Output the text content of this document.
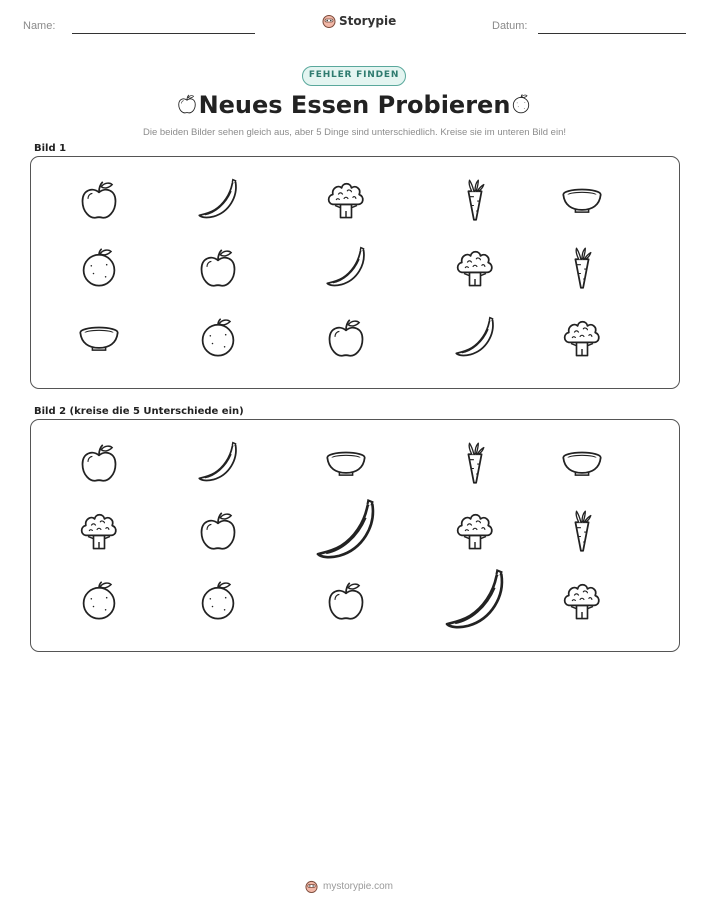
Name:	Storypie	Datum:
FEHLER FINDEN
Neues Essen Probieren
Die beiden Bilder sehen gleich aus, aber 5 Dinge sind unterschiedlich. Kreise sie im unteren Bild ein!
Bild 1
Bild 2 (kreise die 5 Unterschiede ein)
mystorypie.com
